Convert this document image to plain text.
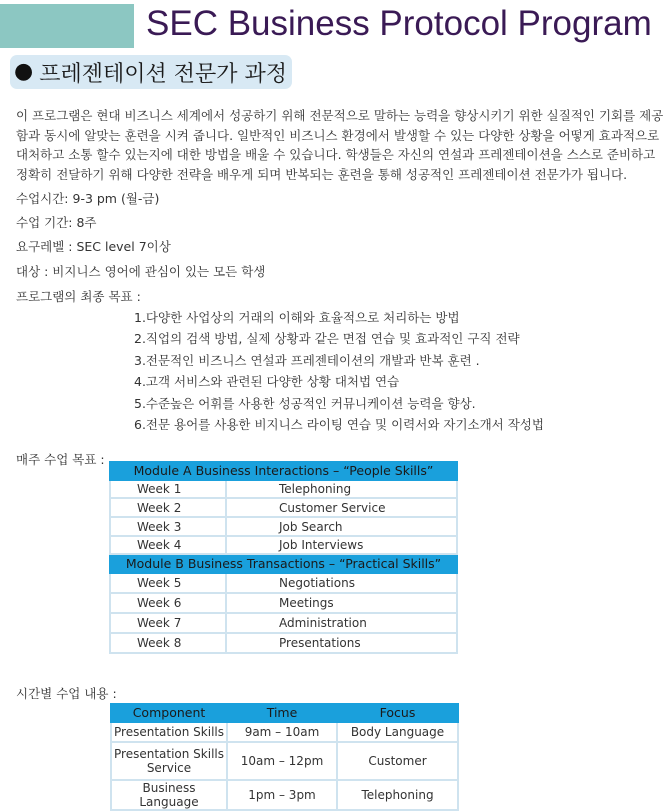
SEC Business Protocol Program
● 프레젠테이션 전문가 과정

이 프로그램은 현대 비즈니스 세계에서 성공하기 위해 전문적으로 말하는 능력을 향상시키기 위한 실질적인 기회를 제공함과 동시에 알맞는 훈련을 시켜 줍니다. 일반적인 비즈니스 환경에서 발생할 수 있는 다양한 상황을 어떻게 효과적으로 대처하고 소통 할수 있는지에 대한 방법을 배울 수 있습니다. 학생들은 자신의 연설과 프레젠테이션을 스스로 준비하고 정확히 전달하기 위해 다양한 전략을 배우게 되며 반복되는 훈련을 통해 성공적인 프레젠테이션 전문가가 됩니다.

수업시간: 9-3 pm (월-금)
수업 기간: 8주
요구레벨 : SEC level 7이상
대상 : 비지니스 영어에 관심이 있는 모든 학생
프로그램의 최종 목표 :
1.다양한 사업상의 거래의 이해와 효율적으로 처리하는 방법
2.직업의 검색 방법, 실제 상황과 같은 면접 연습 및 효과적인 구직 전략
3.전문적인 비즈니스 연설과 프레젠테이션의 개발과 반복 훈련 .
4.고객 서비스와 관련된 다양한 상황 대처법 연습
5.수준높은 어휘를 사용한 성공적인 커뮤니케이션 능력을 향상.
6.전문 용어를 사용한 비지니스 라이팅 연습 및 이력서와 자기소개서 작성법
매주 수업 목표 :
Module A Business Interactions – “People Skills”	
Week 1	Telephoning
Week 2	Customer Service
Week 3	Job Search
Week 4	Job Interviews
Module B Business Transactions – “Practical Skills”	
Week 5	Negotiations
Week 6	Meetings
Week 7	Administration
Week 8	Presentations
시간별 수업 내용 :
Component	Time	Focus
Presentation Skills	9am – 10am	Body Language
Presentation Skills Service	10am – 12pm	Customer
Business Language	1pm – 3pm	Telephoning
